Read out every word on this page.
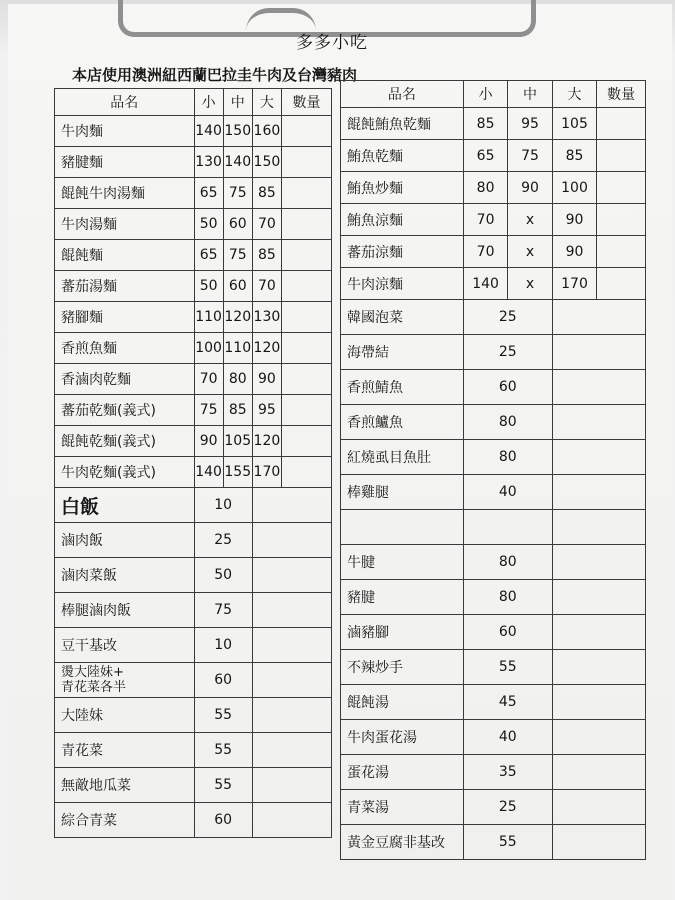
多多小吃
本店使用澳洲紐西蘭巴拉圭牛肉及台灣豬肉
品名	小	中	大	數量
牛肉麵	140	150	160	
豬腱麵	130	140	150	
餛飩牛肉湯麵	65	75	85	
牛肉湯麵	50	60	70	
餛飩麵	65	75	85	
蕃茄湯麵	50	60	70	
豬腳麵	110	120	130	
香煎魚麵	100	110	120	
香滷肉乾麵	70	80	90	
蕃茄乾麵(義式)	75	85	95	
餛飩乾麵(義式)	90	105	120	
牛肉乾麵(義式)	140	155	170	
白飯	10			
滷肉飯	25			
滷肉菜飯	50			
棒腿滷肉飯	75			
豆干基改	10			

燙大陸妹+
青花菜各半	60			
大陸妹	55			
青花菜	55			
無敵地瓜菜	55			
綜合青菜	60			
品名	小	中	大	數量
餛飩鮪魚乾麵	85	95	105	
鮪魚乾麵	65	75	85	
鮪魚炒麵	80	90	100	
鮪魚涼麵	70	x	90	
蕃茄涼麵	70	x	90	
牛肉涼麵	140	x	170	
韓國泡菜	25			
海帶結	25			
香煎鯖魚	60			
香煎鱸魚	80			
紅燒虱目魚肚	80			
棒雞腿	40			

牛腱	80			
豬腱	80			
滷豬腳	60			
不辣炒手	55			
餛飩湯	45			
牛肉蛋花湯	40			
蛋花湯	35			
青菜湯	25			
黃金豆腐非基改	55			
